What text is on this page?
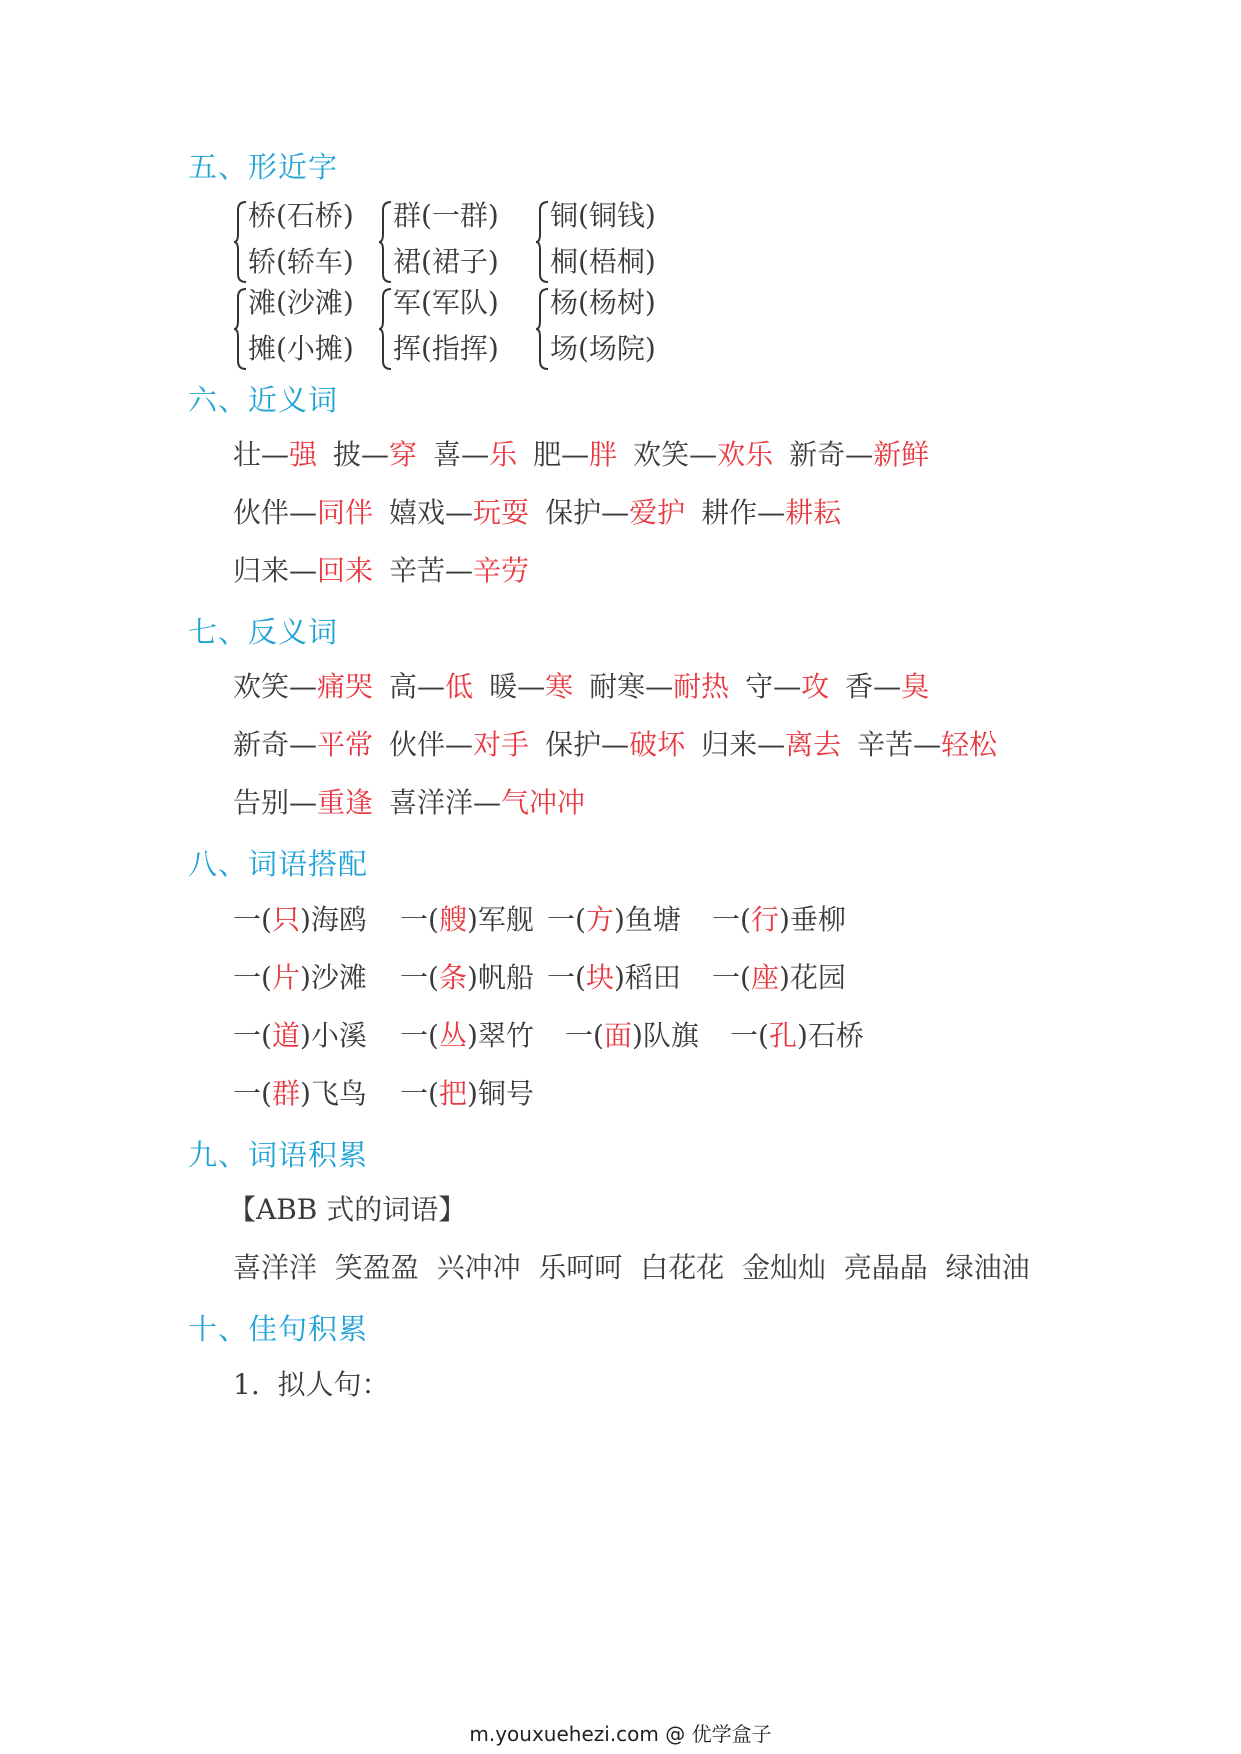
五、形近字
桥(石桥)
轿(轿车)
群(一群)
裙(裙子)
铜(铜钱)
桐(梧桐)
滩(沙滩)
摊(小摊)
军(军队)
挥(指挥)
杨(杨树)
场(场院)
六、近义词
壮—强 披—穿 喜—乐 肥—胖 欢笑—欢乐 新奇—新鲜
伙伴—同伴 嬉戏—玩耍 保护—爱护 耕作—耕耘
归来—回来 辛苦—辛劳
七、反义词
欢笑—痛哭 高—低 暖—寒 耐寒—耐热 守—攻 香—臭
新奇—平常 伙伴—对手 保护—破坏 归来—离去 辛苦—轻松
告别—重逢 喜洋洋—气冲冲
八、词语搭配
一(只)海鸥 一(艘)军舰 一(方)鱼塘 一(行)垂柳
一(片)沙滩 一(条)帆船 一(块)稻田 一(座)花园
一(道)小溪 一(丛)翠竹 一(面)队旗 一(孔)石桥
一(群)飞鸟 一(把)铜号
九、词语积累
【ABB 式的词语】
喜洋洋  笑盈盈  兴冲冲  乐呵呵  白花花  金灿灿  亮晶晶  绿油油
十、佳句积累
1.  拟人句：
m.youxuehezi.com @ 优学盒子
